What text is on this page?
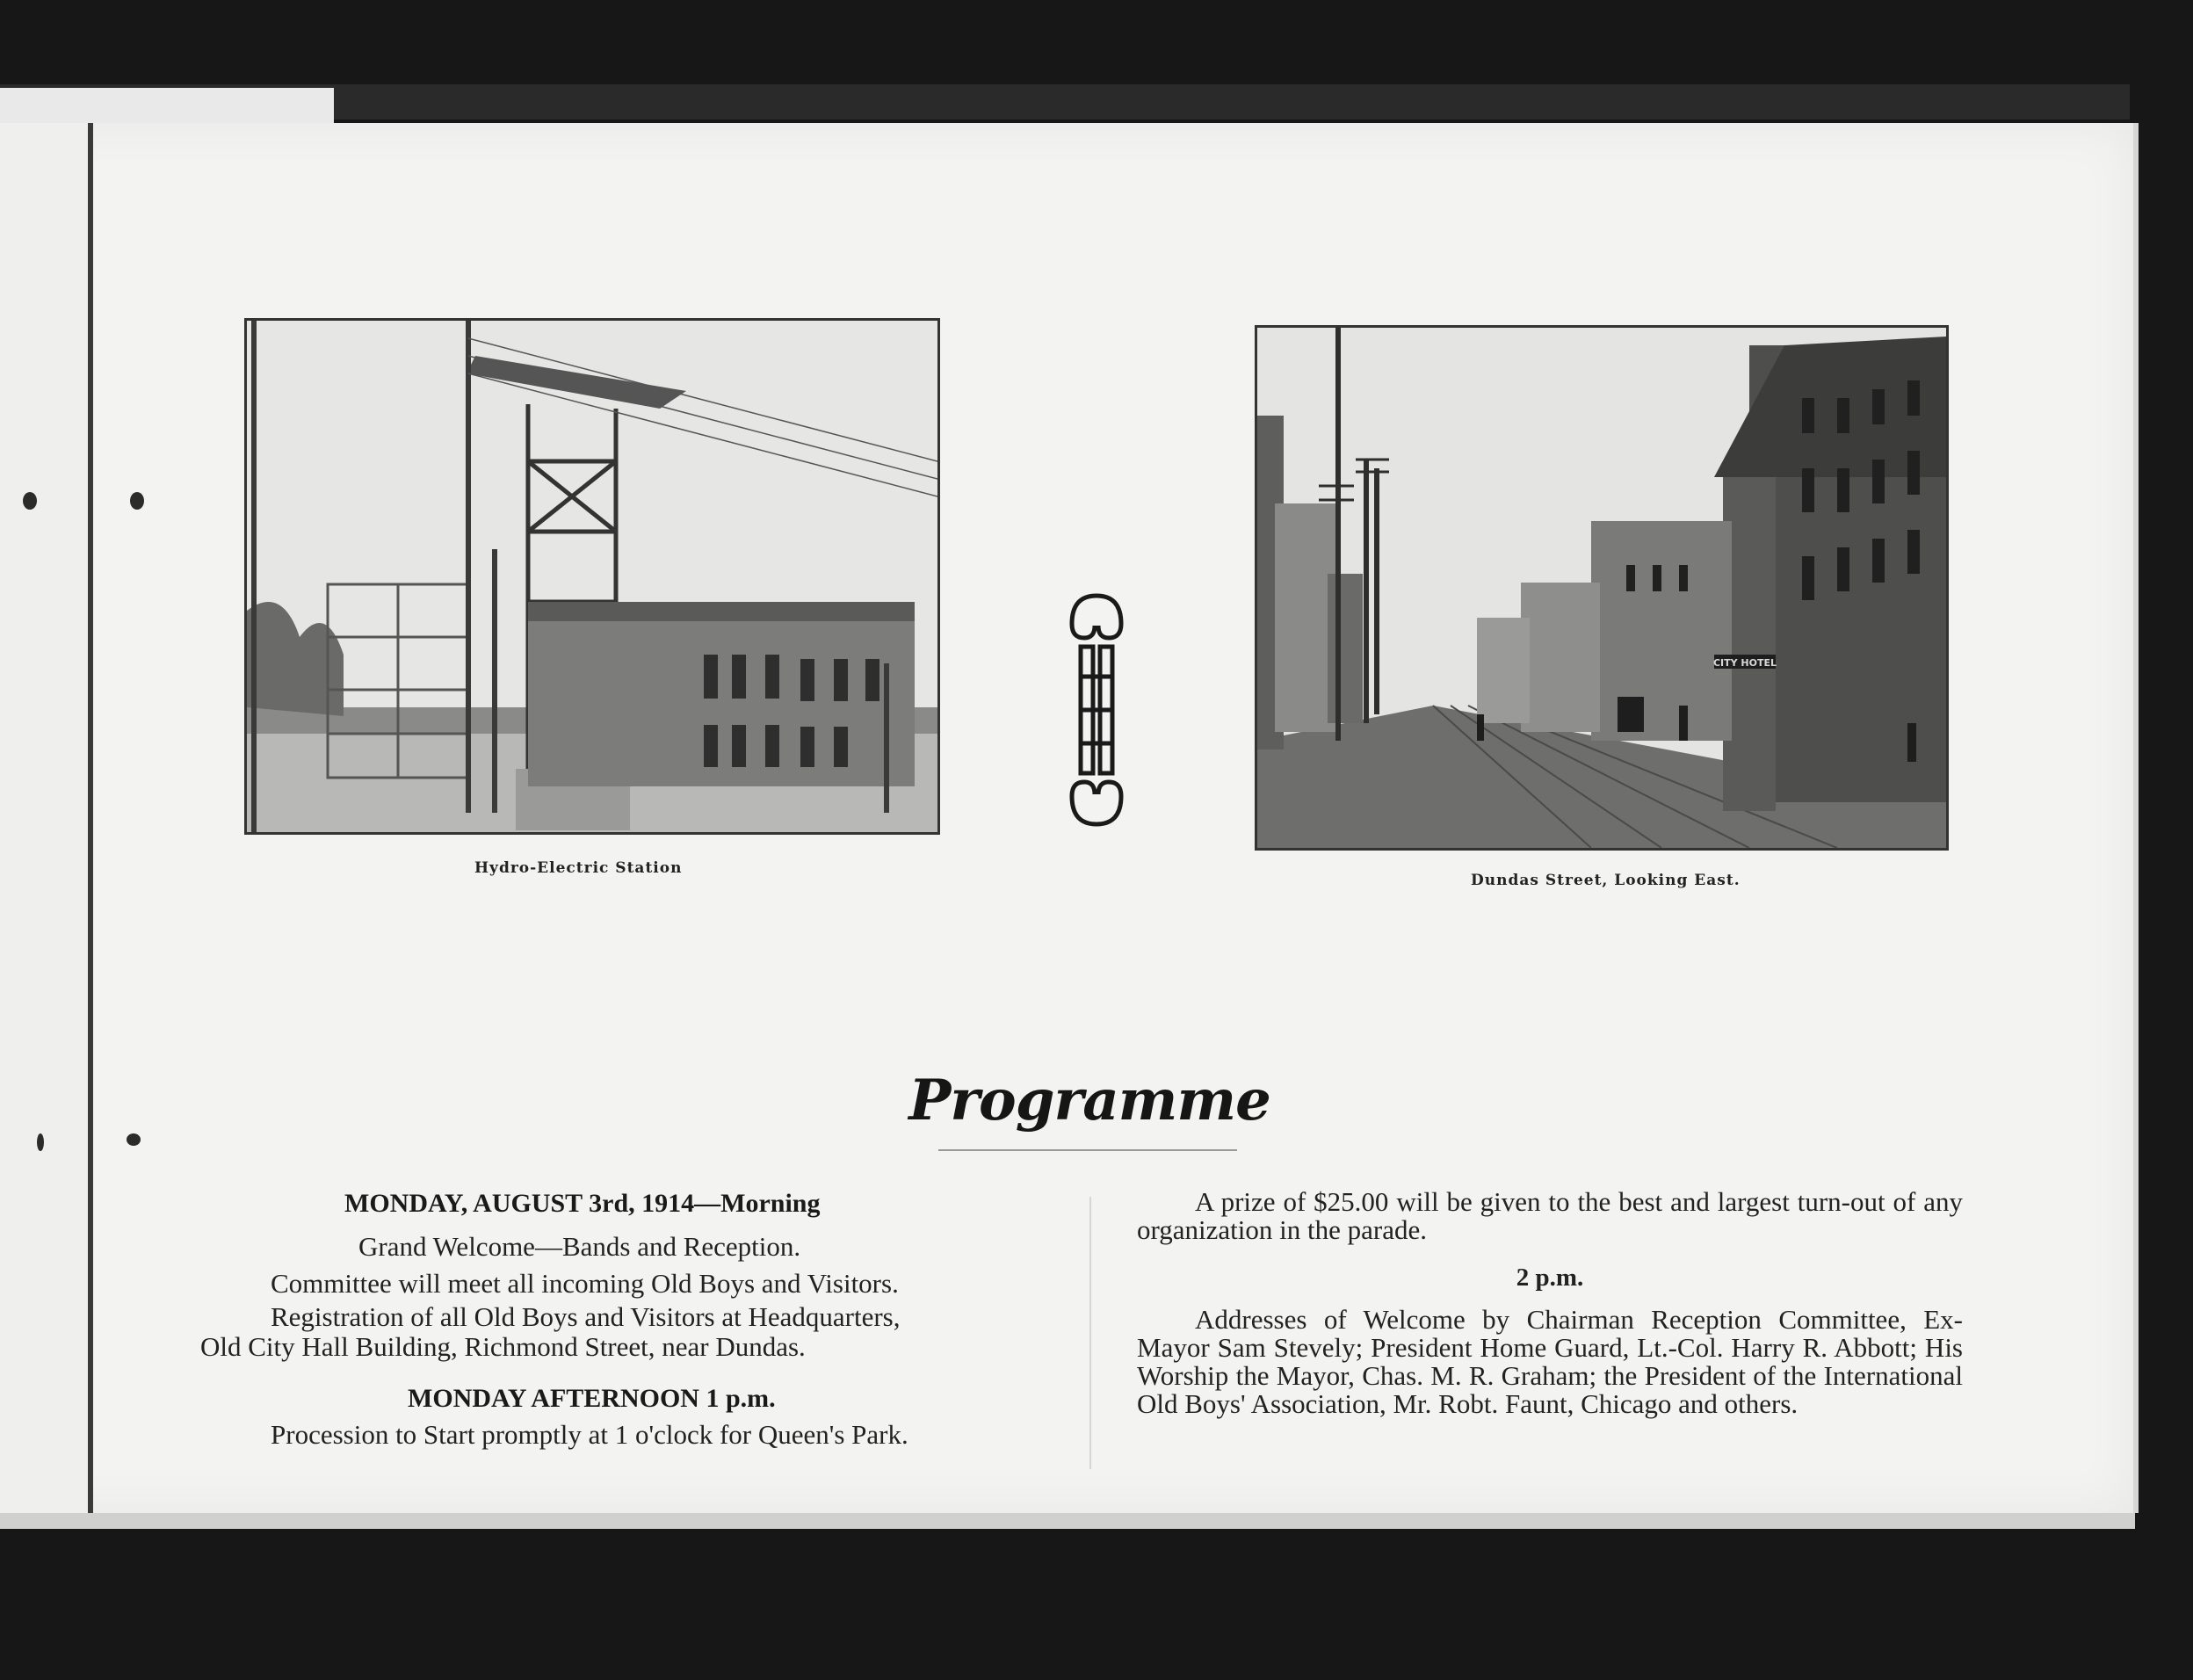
Hydro-Electric Station
CITY HOTEL
Dundas Street, Looking East.
Programme

MONDAY, AUGUST 3rd, 1914—Morning

Grand Welcome—Bands and Reception.

Committee will meet all incoming Old Boys and Visitors.

Registration of all Old Boys and Visitors at Headquarters,

Old City Hall Building, Richmond Street, near Dundas.

MONDAY AFTERNOON 1 p.m.

Procession to Start promptly at 1 o'clock for Queen's Park.

A prize of $25.00 will be given to the best and largest turn-out of any organization in the parade.

2 p.m.

Addresses of Welcome by Chairman Reception Committee, Ex-Mayor Sam Stevely; President Home Guard, Lt.-Col. Harry R. Abbott; His Worship the Mayor, Chas. M. R. Graham; the President of the International Old Boys' Association, Mr. Robt. Faunt, Chicago and others.
